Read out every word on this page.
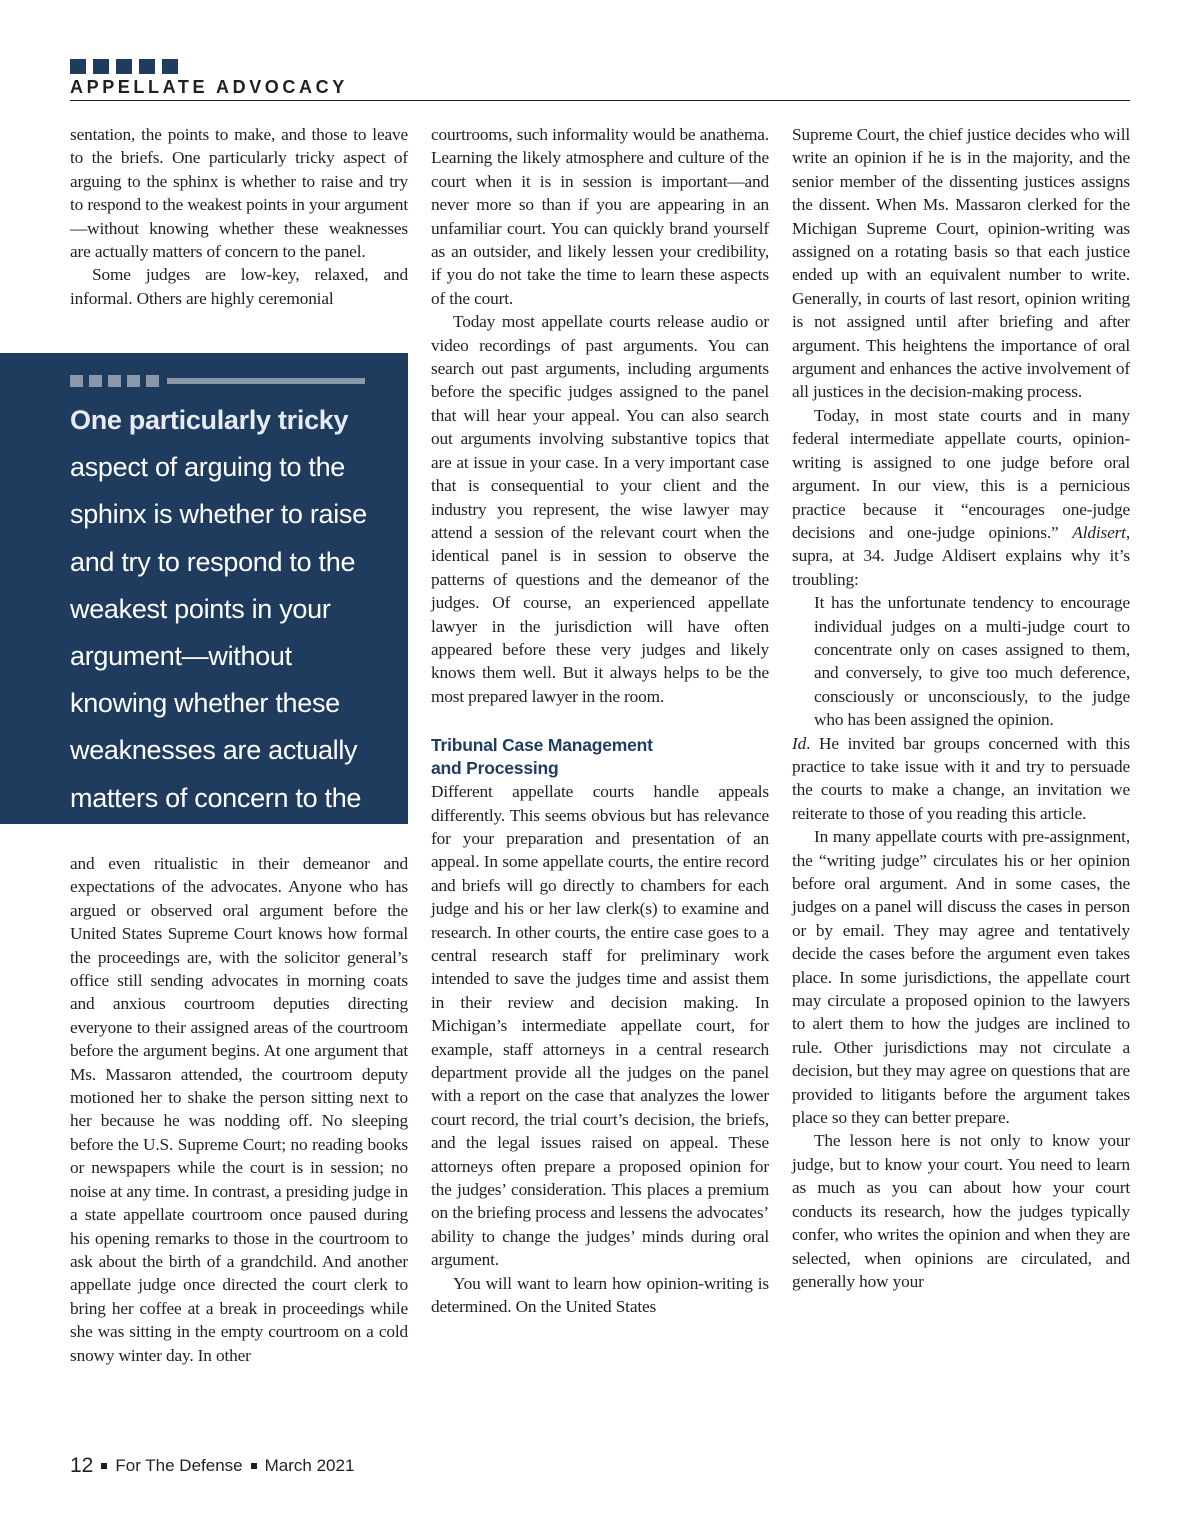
APPELLATE ADVOCACY

sentation, the points to make, and those to leave to the briefs. One particularly tricky aspect of arguing to the sphinx is whether to raise and try to respond to the weakest points in your argument—without knowing whether these weaknesses are actually matters of concern to the panel.

Some judges are low-key, relaxed, and informal. Others are highly ceremonial

One particularly tricky
aspect of arguing to the sphinx is whether to raise and try to respond to the weakest points in your argument—without knowing whether these weaknesses are actually matters of concern to the panel.

and even ritualistic in their demeanor and expectations of the advocates. Anyone who has argued or observed oral argument before the United States Supreme Court knows how formal the proceedings are, with the solicitor general’s office still sending advocates in morning coats and anxious courtroom deputies directing everyone to their assigned areas of the courtroom before the argument begins. At one argument that Ms. Massaron attended, the courtroom deputy motioned her to shake the person sitting next to her because he was nodding off. No sleeping before the U.S. Supreme Court; no reading books or newspapers while the court is in session; no noise at any time. In contrast, a presiding judge in a state appellate courtroom once paused during his opening remarks to those in the courtroom to ask about the birth of a grandchild. And another appellate judge once directed the court clerk to bring her coffee at a break in proceedings while she was sitting in the empty courtroom on a cold snowy winter day. In other

courtrooms, such informality would be anathema. Learning the likely atmosphere and culture of the court when it is in session is important—and never more so than if you are appearing in an unfamiliar court. You can quickly brand yourself as an outsider, and likely lessen your credibility, if you do not take the time to learn these aspects of the court.

Today most appellate courts release audio or video recordings of past arguments. You can search out past arguments, including arguments before the specific judges assigned to the panel that will hear your appeal. You can also search out arguments involving substantive topics that are at issue in your case. In a very important case that is consequential to your client and the industry you represent, the wise lawyer may attend a session of the relevant court when the identical panel is in session to observe the patterns of questions and the demeanor of the judges. Of course, an experienced appellate lawyer in the jurisdiction will have often appeared before these very judges and likely knows them well. But it always helps to be the most prepared lawyer in the room.

Tribunal Case Management
and Processing

Different appellate courts handle appeals differently. This seems obvious but has relevance for your preparation and presentation of an appeal. In some appellate courts, the entire record and briefs will go directly to chambers for each judge and his or her law clerk(s) to examine and research. In other courts, the entire case goes to a central research staff for preliminary work intended to save the judges time and assist them in their review and decision making. In Michigan’s intermediate appellate court, for example, staff attorneys in a central research department provide all the judges on the panel with a report on the case that analyzes the lower court record, the trial court’s decision, the briefs, and the legal issues raised on appeal. These attorneys often prepare a proposed opinion for the judges’ consideration. This places a premium on the briefing process and lessens the advocates’ ability to change the judges’ minds during oral argument.

You will want to learn how opinion-writing is determined. On the United States

Supreme Court, the chief justice decides who will write an opinion if he is in the majority, and the senior member of the dissenting justices assigns the dissent. When Ms. Massaron clerked for the Michigan Supreme Court, opinion-writing was assigned on a rotating basis so that each justice ended up with an equivalent number to write. Generally, in courts of last resort, opinion writing is not assigned until after briefing and after argument. This heightens the importance of oral argument and enhances the active involvement of all justices in the decision-making process.

Today, in most state courts and in many federal intermediate appellate courts, opinion-writing is assigned to one judge before oral argument. In our view, this is a pernicious practice because it “encourages one-judge decisions and one-judge opinions.” Aldisert, supra, at 34. Judge Aldisert explains why it’s troubling:

It has the unfortunate tendency to encourage individual judges on a multi-judge court to concentrate only on cases assigned to them, and conversely, to give too much deference, consciously or unconsciously, to the judge who has been assigned the opinion.

Id. He invited bar groups concerned with this practice to take issue with it and try to persuade the courts to make a change, an invitation we reiterate to those of you reading this article.

In many appellate courts with pre-assignment, the “writing judge” circulates his or her opinion before oral argument. And in some cases, the judges on a panel will discuss the cases in person or by email. They may agree and tentatively decide the cases before the argument even takes place. In some jurisdictions, the appellate court may circulate a proposed opinion to the lawyers to alert them to how the judges are inclined to rule. Other jurisdictions may not circulate a decision, but they may agree on questions that are provided to litigants before the argument takes place so they can better prepare.

The lesson here is not only to know your judge, but to know your court. You need to learn as much as you can about how your court conducts its research, how the judges typically confer, who writes the opinion and when they are selected, when opinions are circulated, and generally how your

12 For The Defense March 2021
